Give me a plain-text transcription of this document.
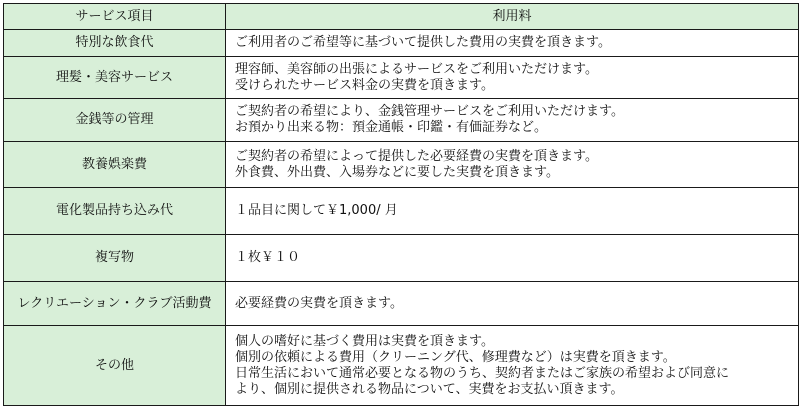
サービス項目	利用料
特別な飲食代	ご利用者のご希望等に基づいて提供した費用の実費を頂きます。

理髪・美容サービス	理容師、美容師の出張によるサービスをご利用いただけます。
受けられたサービス料金の実費を頂きます。

金銭等の管理	ご契約者の希望により、金銭管理サービスをご利用いただけます。
お預かり出来る物：預金通帳・印鑑・有価証券など。

教養娯楽費	ご契約者の希望によって提供した必要経費の実費を頂きます。
外食費、外出費、入場券などに要した実費を頂きます。

電化製品持ち込み代	１品目に関して￥1,000/ 月

複写物	１枚￥１０

レクリエーション・クラブ活動費	必要経費の実費を頂きます。

その他	個人の嗜好に基づく費用は実費を頂きます。
個別の依頼による費用（クリーニング代、修理費など）は実費を頂きます。
日常生活において通常必要となる物のうち、契約者またはご家族の希望および同意に
より、個別に提供される物品について、実費をお支払い頂きます。
